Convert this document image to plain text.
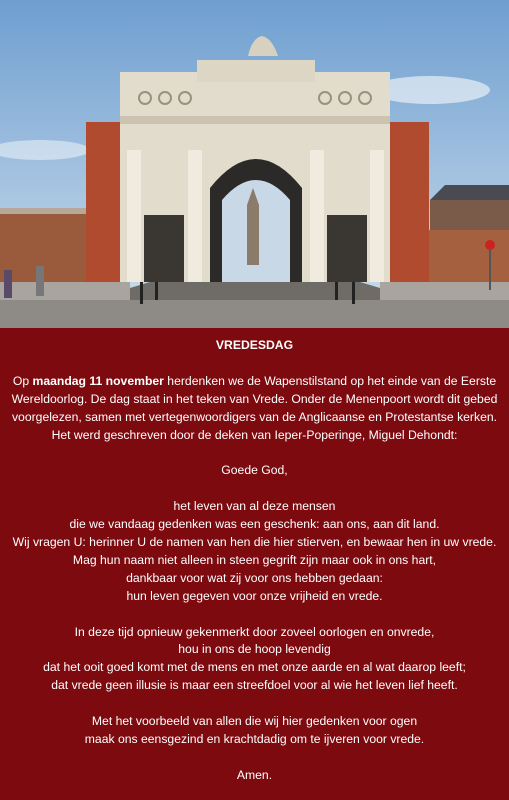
VREDESDAG
Op maandag 11 november herdenken we de Wapenstilstand op het einde van de Eerste
Wereldoorlog. De dag staat in het teken van Vrede. Onder de Menenpoort wordt dit gebed
voorgelezen, samen met vertegenwoordigers van de Anglicaanse en Protestantse kerken.
Het werd geschreven door de deken van Ieper-Poperinge, Miguel Dehondt:
Goede God,
het leven van al deze mensen
die we vandaag gedenken was een geschenk: aan ons, aan dit land.
Wij vragen U: herinner U de namen van hen die hier stierven, en bewaar hen in uw vrede.
Mag hun naam niet alleen in steen gegrift zijn maar ook in ons hart,
dankbaar voor wat zij voor ons hebben gedaan:
hun leven gegeven voor onze vrijheid en vrede.
In deze tijd opnieuw gekenmerkt door zoveel oorlogen en onvrede,
hou in ons de hoop levendig
dat het ooit goed komt met de mens en met onze aarde en al wat daarop leeft;
dat vrede geen illusie is maar een streefdoel voor al wie het leven lief heeft.
Met het voorbeeld van allen die wij hier gedenken voor ogen
maak ons eensgezind en krachtdadig om te ijveren voor vrede.
Amen.
